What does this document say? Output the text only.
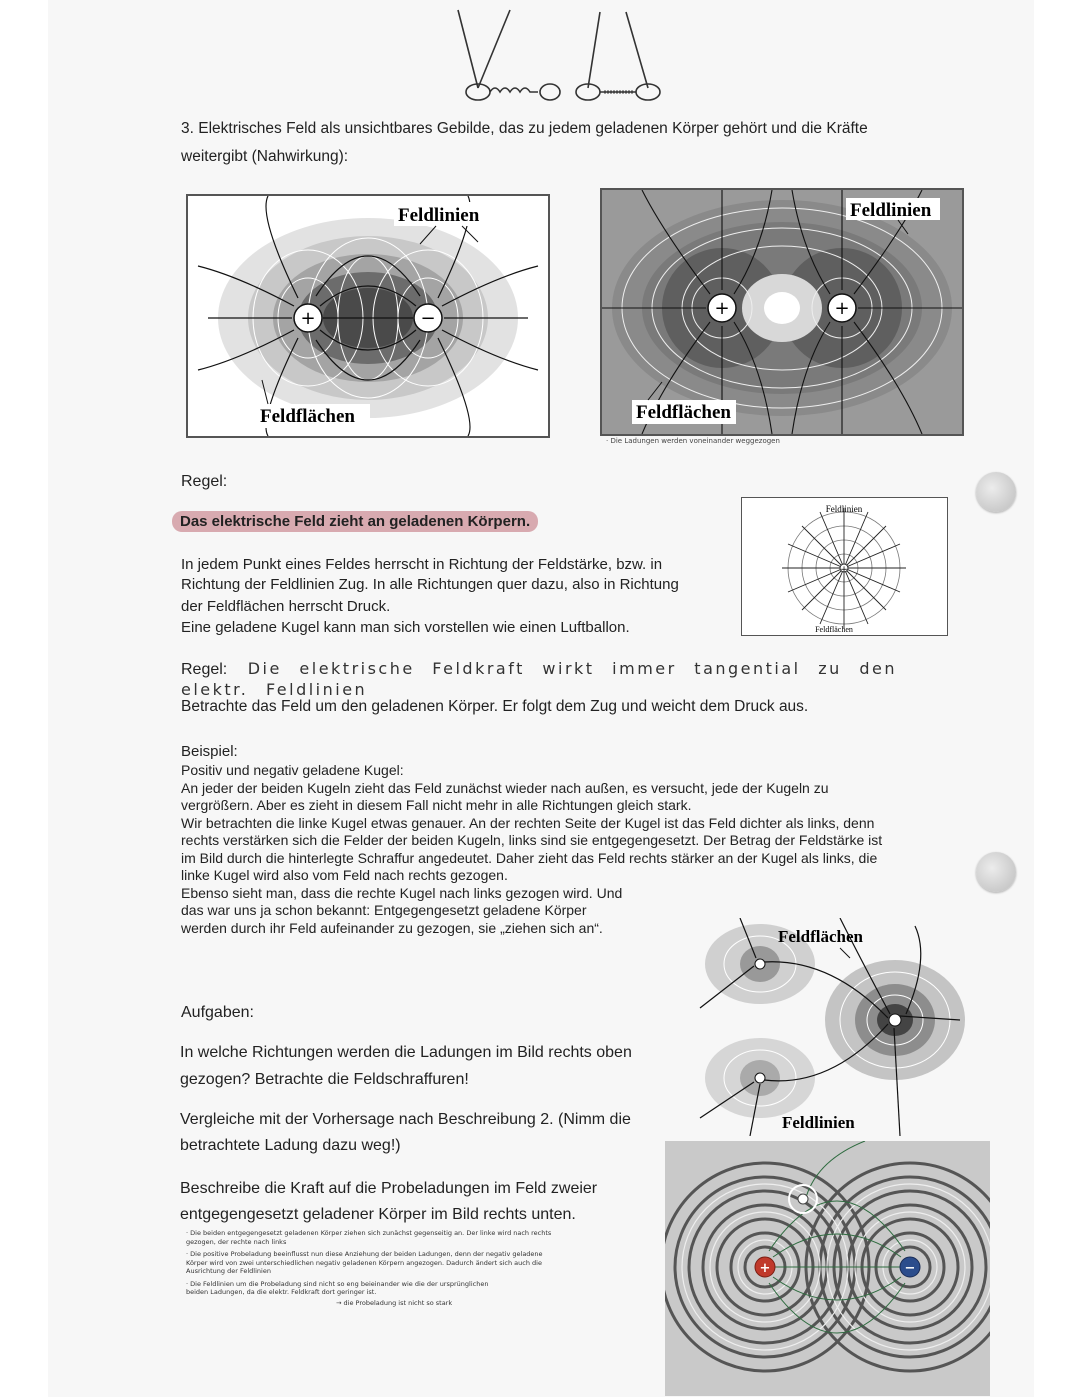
3. Elektrisches Feld als unsichtbares Gebilde, das zu jedem geladenen Körper gehört und die Kräfte
weitergibt (Nahwirkung):
+	−
Feldlinien
Feldflächen
+	+
Feldlinien
Feldflächen
· Die Ladungen werden voneinander weggezogen
Regel:
Das elektrische Feld zieht an geladenen Körpern.
In jedem Punkt eines Feldes herrscht in Richtung der Feldstärke, bzw. in
Richtung der Feldlinien Zug. In alle Richtungen quer dazu, also in Richtung
der Feldflächen herrscht Druck.
Eine geladene Kugel kann man sich vorstellen wie einen Luftballon.
+
Feldlinien
Feldflächen
Regel: Die elektrische Feldkraft wirkt immer tangential zu den elektr. Feldlinien
Betrachte das Feld um den geladenen Körper. Er folgt dem Zug und weicht dem Druck aus.
Beispiel:
Positiv und negativ geladene Kugel:
An jeder der beiden Kugeln zieht das Feld zunächst wieder nach außen, es versucht, jede der Kugeln zu
vergrößern. Aber es zieht in diesem Fall nicht mehr in alle Richtungen gleich stark.
Wir betrachten die linke Kugel etwas genauer. An der rechten Seite der Kugel ist das Feld dichter als links, denn
rechts verstärken sich die Felder der beiden Kugeln, links sind sie entgegengesetzt. Der Betrag der Feldstärke ist
im Bild durch die hinterlegte Schraffur angedeutet. Daher zieht das Feld rechts stärker an der Kugel als links, die
linke Kugel wird also vom Feld nach rechts gezogen.
Ebenso sieht man, dass die rechte Kugel nach links gezogen wird. Und
das war uns ja schon bekannt: Entgegengesetzt geladene Körper
werden durch ihr Feld aufeinander zu gezogen, sie „ziehen sich an“.	Feldflächen
Feldlinien
Aufgaben:
In welche Richtungen werden die Ladungen im Bild rechts oben
gezogen? Betrachte die Feldschraffuren!
Vergleiche mit der Vorhersage nach Beschreibung 2. (Nimm die
betrachtete Ladung dazu weg!)
Beschreibe die Kraft auf die Probeladungen im Feld zweier
entgegengesetzt geladener Körper im Bild rechts unten.
· Die beiden entgegengesetzt geladenen Körper ziehen sich zunächst gegenseitig an. Der linke wird nach rechts
gezogen, der rechte nach links
· Die positive Probeladung beeinflusst nun diese Anziehung der beiden Ladungen, denn der negativ geladene
Körper wird von zwei unterschiedlichen negativ geladenen Körpern angezogen. Dadurch ändert sich auch die
Ausrichtung der Feldlinien
· Die Feldlinien um die Probeladung sind nicht so eng beieinander wie die der ursprünglichen
beiden Ladungen, da die elektr. Feldkraft dort geringer ist.
→ die Probeladung ist nicht so stark
+	−
